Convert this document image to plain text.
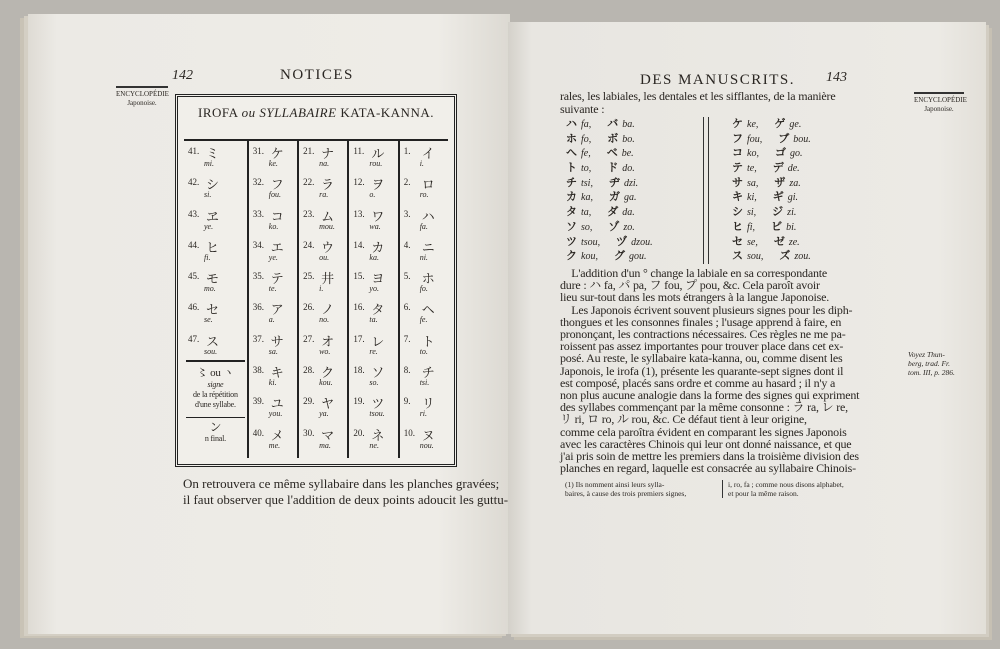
142	NOTICES
ENCYCLOPÉDIE
Japonoise.
IROFA ou SYLLABAIRE KATA-KANNA.
41. ミ
mi.
42. シ
si.
43. ヱ
ye.
44. ヒ
fi.
45. モ
mo.
46. セ
se.
47. ス
sou.
〻 ou ヽ
signe
de la répétition
d'une syllabe.
ン
n final.
31. ケ
ke.
32. フ
fou.
33. コ
ko.
34. エ
ye.
35. テ
te.
36. ア
a.
37. サ
sa.
38. キ
ki.
39. ユ
you.
40. メ
me.
21. ナ
na.
22. ラ
ra.
23. ム
mou.
24. ウ
ou.
25. 井
i.
26. ノ
no.
27. オ
wo.
28. ク
kou.
29. ヤ
ya.
30. マ
ma.
11. ル
rou.
12. ヲ
o.
13. ワ
wa.
14. カ
ka.
15. ヨ
yo.
16. タ
ta.
17. レ
re.
18. ソ
so.
19. ツ
tsou.
20. ネ
ne.
1. イ
i.
2. ロ
ro.
3. ハ
fa.
4. ニ
ni.
5. ホ
fo.
6. ヘ
fe.
7. ト
to.
8. チ
tsi.
9. リ
ri.
10. ヌ
nou.
On retrouvera ce même syllabaire dans les planches gravées;
il faut observer que l'addition de deux points adoucit les guttu-
DES MANUSCRITS. 143
ENCYCLOPÉDIE
Japonoise.
rales, les labiales, les dentales et les sifflantes, de la manière
suivante :
ハ fa, バ ba.
ホ fo, ボ bo.
ヘ fe, ベ be.
ト to, ド do.
チ tsi, ヂ dzi.
カ ka, ガ ga.
タ ta, ダ da.
ソ so, ゾ zo.
ツ tsou, ヅ dzou.
ク kou, グ gou.
ケ ke, ゲ ge.
フ fou, ブ bou.
コ ko, ゴ go.
テ te, デ de.
サ sa, ザ za.
キ ki, ギ gi.
シ si, ジ zi.
ヒ fi, ビ bi.
セ se, ゼ ze.
ス sou, ズ zou.
L'addition d'un ° change la labiale en sa correspondante
dure : ハ fa, パ pa, フ fou, プ pou, &c. Cela paroît avoir
lieu sur-tout dans les mots étrangers à la langue Japonoise.
Les Japonois écrivent souvent plusieurs signes pour les diph-
thongues et les consonnes finales ; l'usage apprend à faire, en
prononçant, les contractions nécessaires. Ces règles ne me pa-
roissent pas assez importantes pour trouver place dans cet ex-
posé. Au reste, le syllabaire kata-kanna, ou, comme disent les
Japonois, le irofa (1), présente les quarante-sept signes dont il
est composé, placés sans ordre et comme au hasard ; il n'y a
non plus aucune analogie dans la forme des signes qui expriment
des syllabes commençant par la même consonne : ラ ra, レ re,
リ ri, ロ ro, ル rou, &c. Ce défaut tient à leur origine,
comme cela paroîtra évident en comparant les signes Japonois
avec les caractères Chinois qui leur ont donné naissance, et que
j'ai pris soin de mettre les premiers dans la troisième division des
planches en regard, laquelle est consacrée au syllabaire Chinois-
Voyez Thun-
berg, trad. Fr.
tom. III, p. 286.
(1) Ils nomment ainsi leurs sylla-
baires, à cause des trois premiers signes,
i, ro, fa ; comme nous disons alphabet,
et pour la même raison.
